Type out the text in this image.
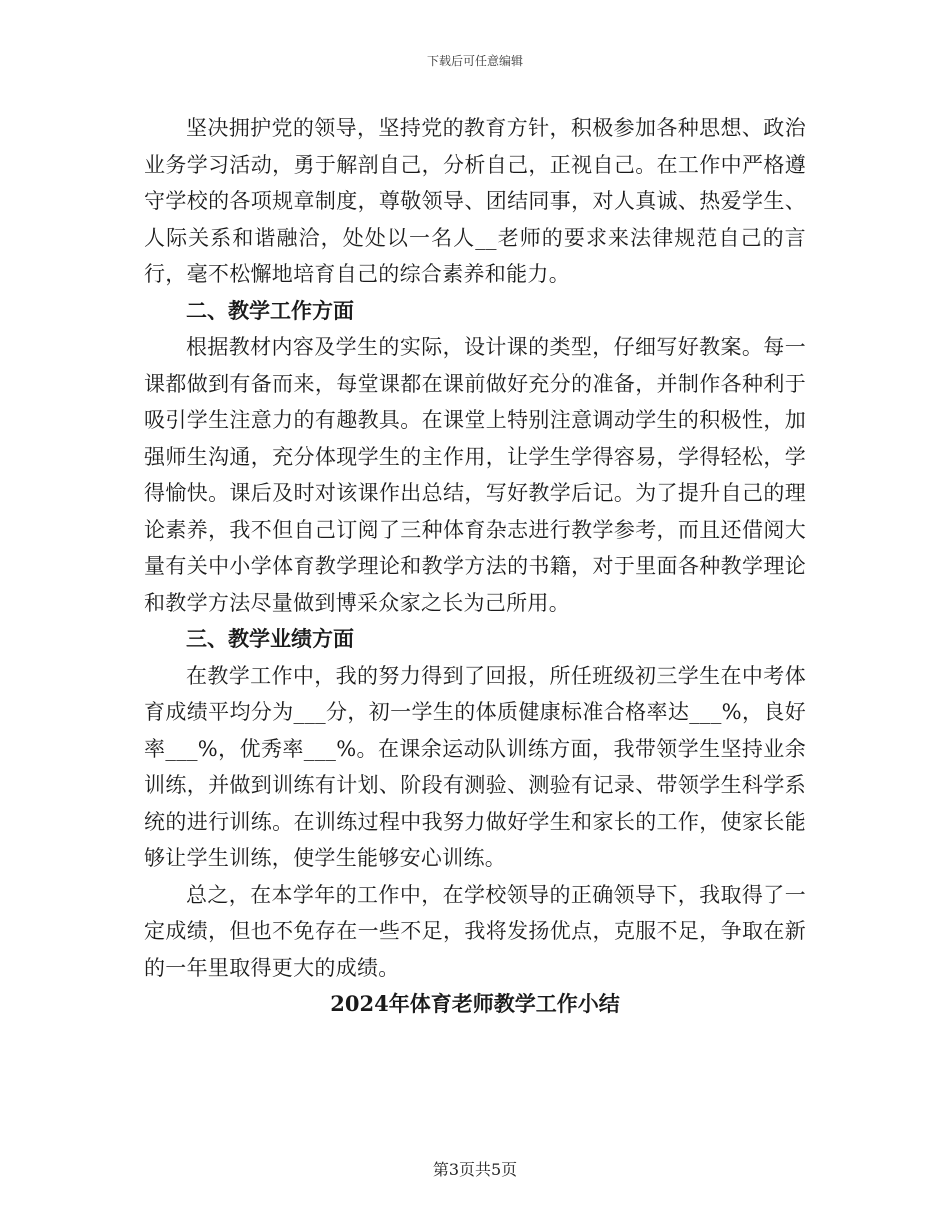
下载后可任意编辑

坚决拥护党的领导，坚持党的教育方针，积极参加各种思想、政治业务学习活动，勇于解剖自己，分析自己，正视自己。在工作中严格遵守学校的各项规章制度，尊敬领导、团结同事，对人真诚、热爱学生、人际关系和谐融洽，处处以一名人__老师的要求来法律规范自己的言行，毫不松懈地培育自己的综合素养和能力。

二、教学工作方面

根据教材内容及学生的实际，设计课的类型，仔细写好教案。每一课都做到有备而来，每堂课都在课前做好充分的准备，并制作各种利于吸引学生注意力的有趣教具。在课堂上特别注意调动学生的积极性，加强师生沟通，充分体现学生的主作用，让学生学得容易，学得轻松，学得愉快。课后及时对该课作出总结，写好教学后记。为了提升自己的理论素养，我不但自己订阅了三种体育杂志进行教学参考，而且还借阅大量有关中小学体育教学理论和教学方法的书籍，对于里面各种教学理论和教学方法尽量做到博采众家之长为己所用。

三、教学业绩方面

在教学工作中，我的努力得到了回报，所任班级初三学生在中考体育成绩平均分为___分，初一学生的体质健康标准合格率达___%，良好率___%，优秀率___%。在课余运动队训练方面，我带领学生坚持业余训练，并做到训练有计划、阶段有测验、测验有记录、带领学生科学系统的进行训练。在训练过程中我努力做好学生和家长的工作，使家长能够让学生训练，使学生能够安心训练。

总之，在本学年的工作中，在学校领导的正确领导下，我取得了一定成绩，但也不免存在一些不足，我将发扬优点，克服不足，争取在新的一年里取得更大的成绩。

2024年体育老师教学工作小结

第3页共5页
